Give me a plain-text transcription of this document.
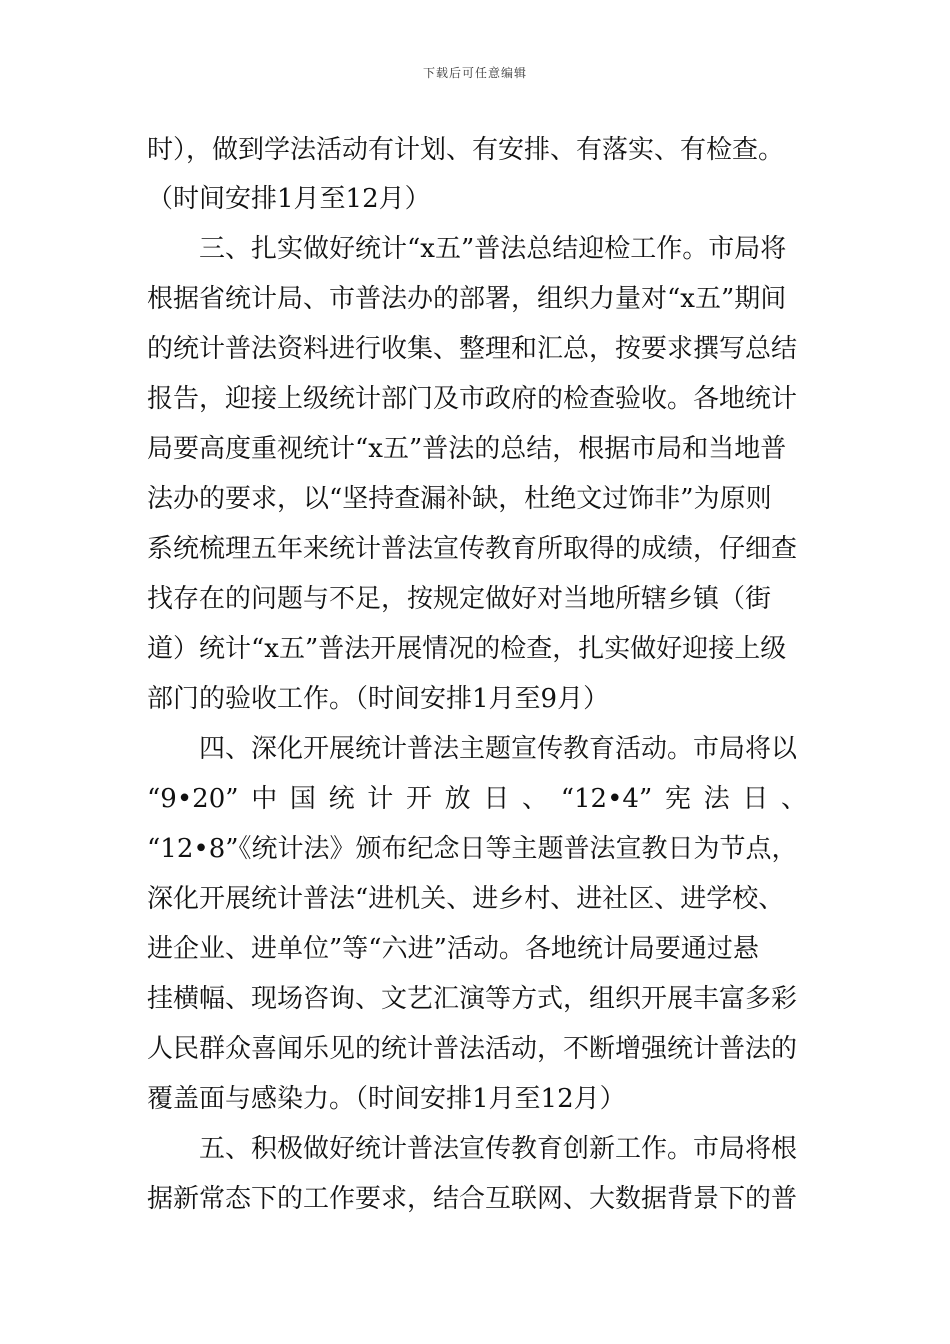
下载后可任意编辑
时），做到学法活动有计划、有安排、有落实、有检查。
（时间安排1月至12月）
三、扎实做好统计“x五”普法总结迎检工作。市局将
根据省统计局、市普法办的部署，组织力量对“x五”期间
的统计普法资料进行收集、整理和汇总，按要求撰写总结
报告，迎接上级统计部门及市政府的检查验收。各地统计
局要高度重视统计“x五”普法的总结，根据市局和当地普
法办的要求，以“坚持查漏补缺，杜绝文过饰非”为原则
系统梳理五年来统计普法宣传教育所取得的成绩，仔细查
找存在的问题与不足，按规定做好对当地所辖乡镇（街
道）统计“x五”普法开展情况的检查，扎实做好迎接上级
部门的验收工作。（时间安排1月至9月）
四、深化开展统计普法主题宣传教育活动。市局将以
“9•20”中国统计开放日、“12•4”宪法日、
“12•8”《统计法》颁布纪念日等主题普法宣教日为节点，
深化开展统计普法“进机关、进乡村、进社区、进学校、
进企业、进单位”等“六进”活动。各地统计局要通过悬
挂横幅、现场咨询、文艺汇演等方式，组织开展丰富多彩
人民群众喜闻乐见的统计普法活动，不断增强统计普法的
覆盖面与感染力。（时间安排1月至12月）
五、积极做好统计普法宣传教育创新工作。市局将根
据新常态下的工作要求，结合互联网、大数据背景下的普
